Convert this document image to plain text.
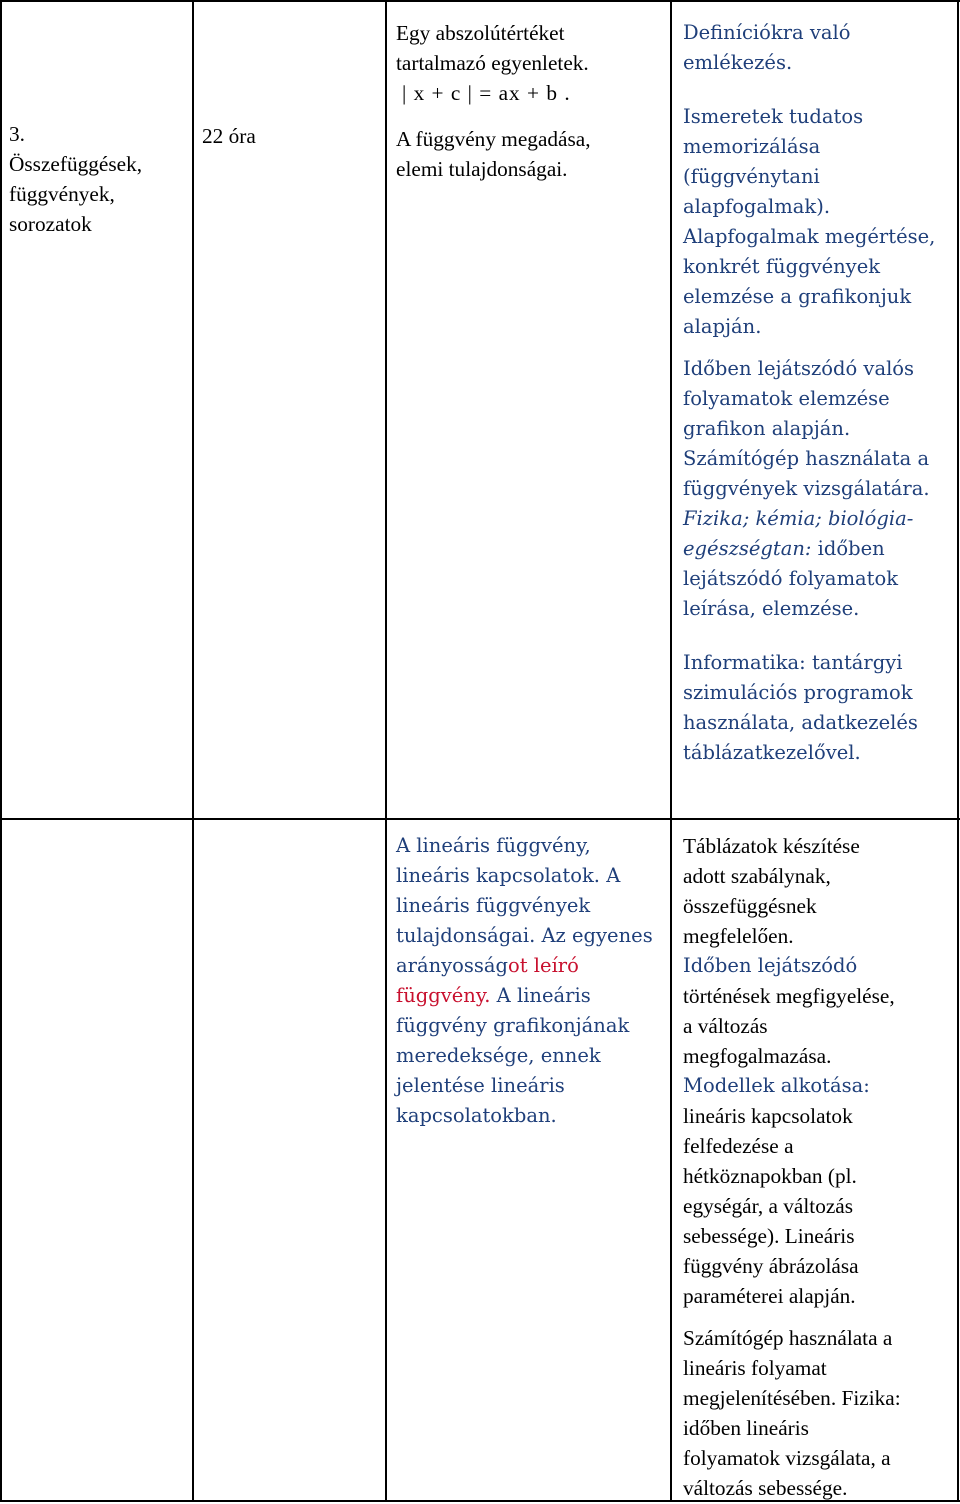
3.
Összefüggések,
függvények,
sorozatok
22 óra
Egy abszolútértéket
tartalmazó egyenletek.
| x + c | = ax + b .
A függvény megadása,
elemi tulajdonságai.
Definíciókra való
emlékezés.
Ismeretek tudatos
memorizálása
(függvénytani
alapfogalmak).
Alapfogalmak megértése,
konkrét függvények
elemzése a grafikonjuk
alapján.
Időben lejátszódó valós
folyamatok elemzése
grafikon alapján.
Számítógép használata a
függvények vizsgálatára.
Fizika; kémia; biológia-
egészségtan: időben
lejátszódó folyamatok
leírása, elemzése.
Informatika: tantárgyi
szimulációs programok
használata, adatkezelés
táblázatkezelővel.
A lineáris függvény,
lineáris kapcsolatok. A
lineáris függvények
tulajdonságai. Az egyenes
arányosságot leíró
függvény. A lineáris
függvény grafikonjának
meredeksége, ennek
jelentése lineáris
kapcsolatokban.
Táblázatok készítése
adott szabálynak,
összefüggésnek
megfelelően.
Időben lejátszódó
történések megfigyelése,
a változás
megfogalmazása.
Modellek alkotása:
lineáris kapcsolatok
felfedezése a
hétköznapokban (pl.
egységár, a változás
sebessége). Lineáris
függvény ábrázolása
paraméterei alapján.
Számítógép használata a
lineáris folyamat
megjelenítésében. Fizika:
időben lineáris
folyamatok vizsgálata, a
változás sebessége.
